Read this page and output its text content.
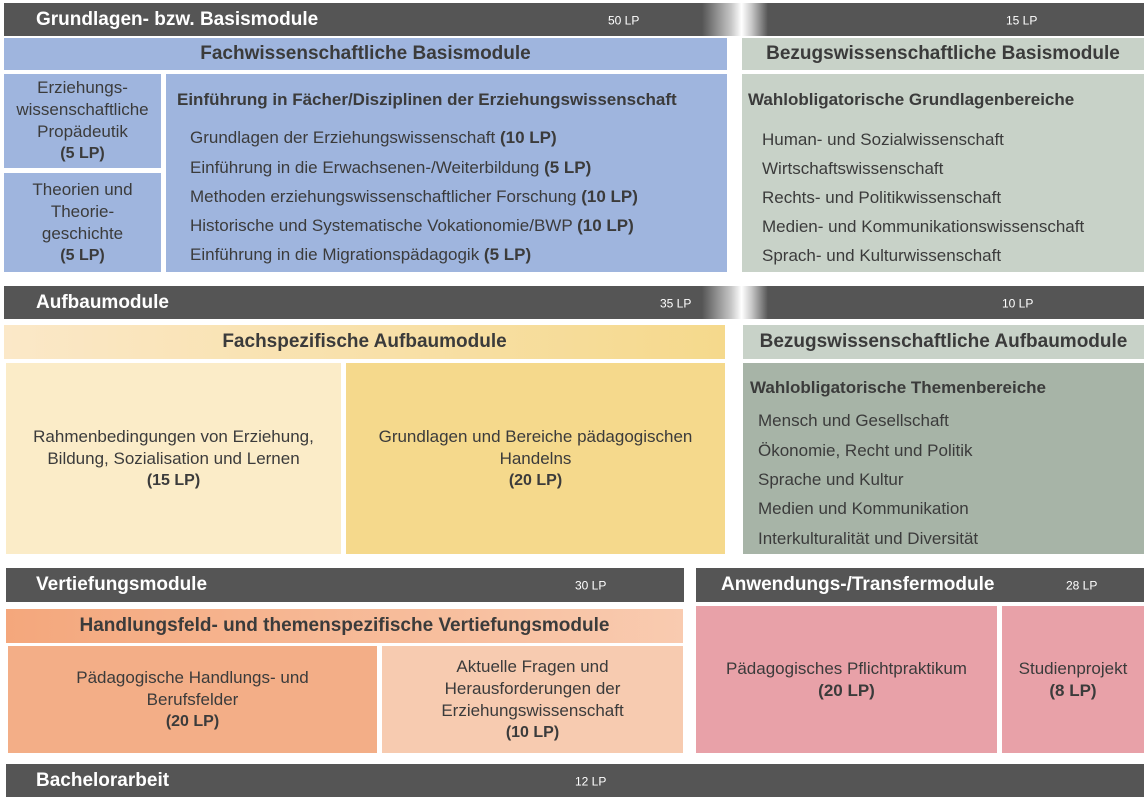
Grundlagen- bzw. Basismodule	50 LP	15 LP
Fachwissenschaftliche Basismodule	Bezugswissenschaftliche Basismodule
Erziehungs-
wissenschaftliche
Propädeutik
(5 LP)
Theorien und
Theorie-
geschichte
(5 LP)
Einführung in Fächer/Disziplinen der Erziehungswissenschaft
Grundlagen der Erziehungswissenschaft (10 LP)
Einführung in die Erwachsenen-/Weiterbildung (5 LP)
Methoden erziehungswissenschaftlicher Forschung (10 LP)
Historische und Systematische Vokationomie/BWP (10 LP)
Einführung in die Migrationspädagogik (5 LP)
Wahlobligatorische Grundlagenbereiche
Human- und Sozialwissenschaft
Wirtschaftswissenschaft
Rechts- und Politikwissenschaft
Medien- und Kommunikationswissenschaft
Sprach- und Kulturwissenschaft
Aufbaumodule	35 LP	10 LP
Fachspezifische Aufbaumodule	Bezugswissenschaftliche Aufbaumodule
Rahmenbedingungen von Erziehung,
Bildung, Sozialisation und Lernen
(15 LP)
Grundlagen und Bereiche pädagogischen
Handelns
(20 LP)
Wahlobligatorische Themenbereiche
Mensch und Gesellschaft
Ökonomie, Recht und Politik
Sprache und Kultur
Medien und Kommunikation
Interkulturalität und Diversität
Vertiefungsmodule	30 LP	Anwendungs-/Transfermodule	28 LP
Handlungsfeld- und themenspezifische Vertiefungsmodule
Pädagogische Handlungs- und
Berufsfelder
(20 LP)
Aktuelle Fragen und
Herausforderungen der
Erziehungswissenschaft
(10 LP)
Pädagogisches Pflichtpraktikum
(20 LP)
Studienprojekt
(8 LP)
Bachelorarbeit	12 LP
